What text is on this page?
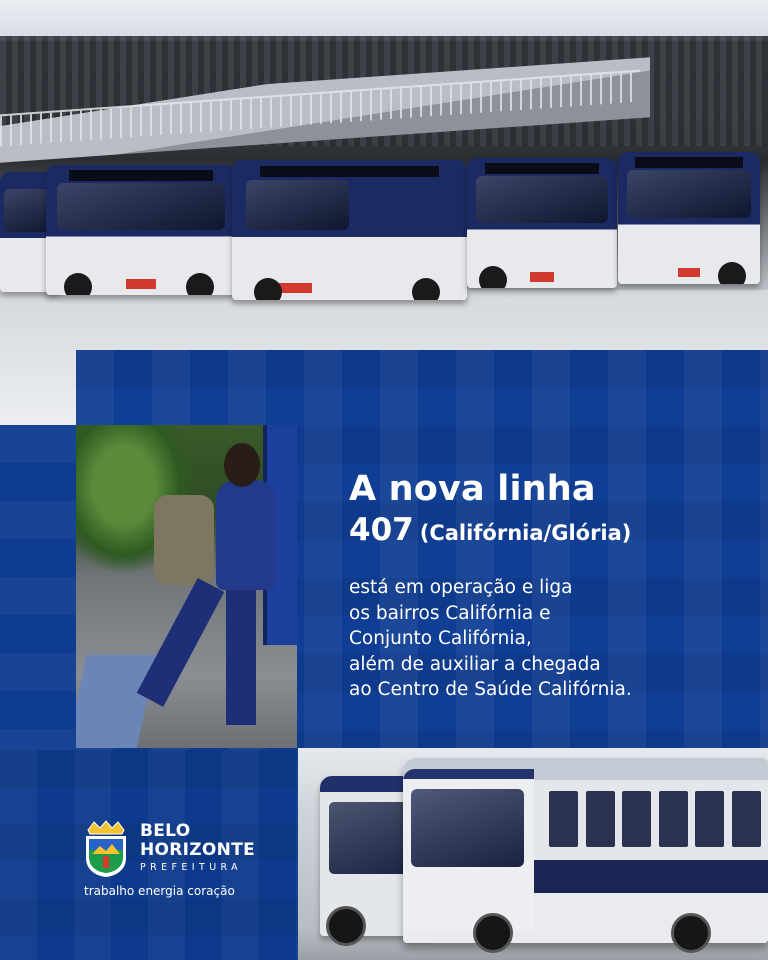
A nova linha
407 (Califórnia/Glória)
está em operação e liga
os bairros Califórnia e
Conjunto Califórnia,
além de auxiliar a chegada
ao Centro de Saúde Califórnia.
BELO
HORIZONTE
PREFEITURA
trabalho energia coração
